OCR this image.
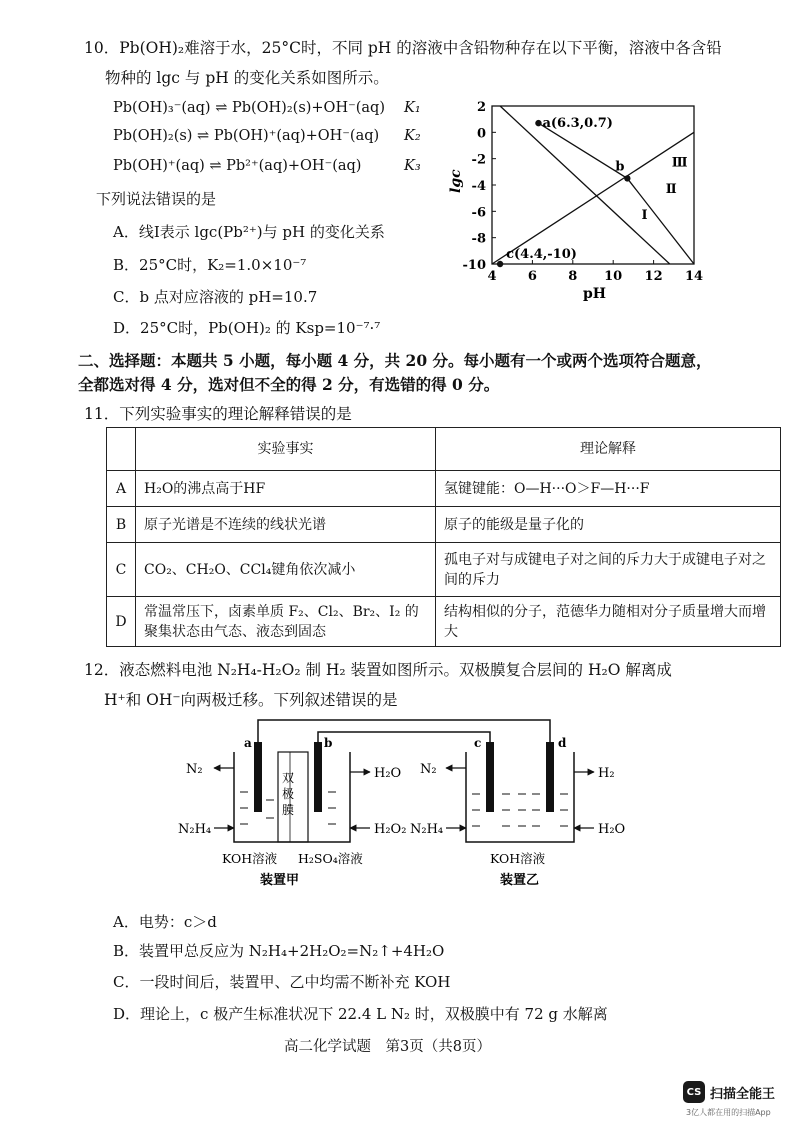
10．Pb(OH)₂难溶于水，25°C时，不同 pH 的溶液中含铅物种存在以下平衡，溶液中各含铅
物种的 lgc 与 pH 的变化关系如图所示。
Pb(OH)₃⁻(aq) ⇌ Pb(OH)₂(s)+OH⁻(aq) K₁
Pb(OH)₂(s) ⇌ Pb(OH)⁺(aq)+OH⁻(aq) K₂
Pb(OH)⁺(aq) ⇌ Pb²⁺(aq)+OH⁻(aq)	K₃
下列说法错误的是
A．线Ⅰ表示 lgc(Pb²⁺)与 pH 的变化关系
B．25°C时，K₂=1.0×10⁻⁷
C．b 点对应溶液的 pH=10.7
D．25°C时，Pb(OH)₂ 的 Ksp=10⁻⁷·⁷
Ⅰ
Ⅱ
Ⅲ
4 6 8 10 12 14
2
0
-2
-4
-6
-8
-10
pH
lgc
a(6.3,0.7)
b
c(4.4,-10)
二、选择题：本题共 5 小题，每小题 4 分，共 20 分。每小题有一个或两个选项符合题意，
全都选对得 4 分，选对但不全的得 2 分，有选错的得 0 分。
11．下列实验事实的理论解释错误的是
	实验事实	理论解释
A	H₂O的沸点高于HF	氢键键能：O—H···O＞F—H···F
B	原子光谱是不连续的线状光谱	原子的能级是量子化的
C	CO₂、CH₂O、CCl₄键角依次减小	孤电子对与成键电子对之间的斥力大于成键电子对之间的斥力
D	常温常压下，卤素单质 F₂、Cl₂、Br₂、I₂ 的聚集状态由气态、液态到固态	结构相似的分子，范德华力随相对分子质量增大而增大
12．液态燃料电池 N₂H₄-H₂O₂ 制 H₂ 装置如图所示。双极膜复合层间的 H₂O 解离成
H⁺和 OH⁻向两极迁移。下列叙述错误的是
双
极
膜
a	b
N₂	H₂O
N₂H₄	H₂O₂
KOH溶液 H₂SO₄溶液
装置甲
c	d
N₂	H₂
N₂H₄	H₂O
KOH溶液
装置乙
A．电势：c＞d
B．装置甲总反应为 N₂H₄+2H₂O₂=N₂↑+4H₂O
C．一段时间后，装置甲、乙中均需不断补充 KOH
D．理论上，c 极产生标准状况下 22.4 L N₂ 时，双极膜中有 72 g 水解离
高二化学试题　第3页（共8页）
CS 扫描全能王
3亿人都在用的扫描App
